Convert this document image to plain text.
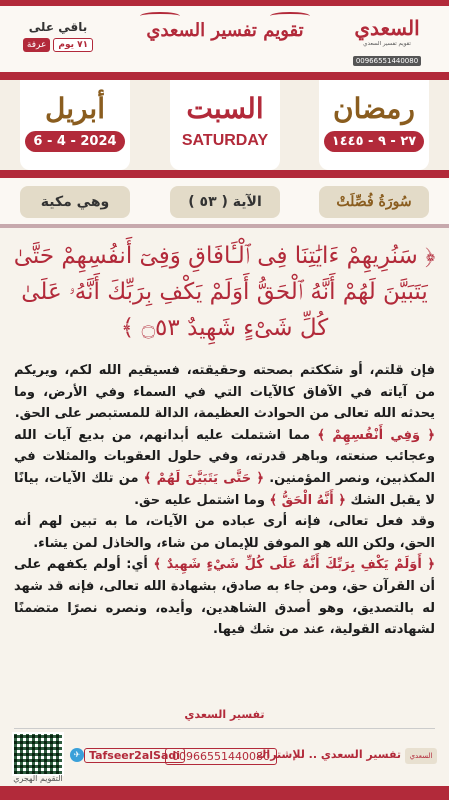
السعدي
تقويم تفسير السعدي
00966551440080
تقويم تفسير السعدي
باقي على
٧١ يوم
عرفة
رمضان
٢٧ - ٩ - ١٤٤٥
السبت
SATURDAY
أبريل
6 - 4 - 2024
سُورَةُ فُصِّلَتْ
الآية ( ٥٣ )
وهي مكية
﴿ سَنُرِيهِمْ ءَايَٰتِنَا فِى ٱلْـَٔافَاقِ وَفِىٓ أَنفُسِهِمْ حَتَّىٰ يَتَبَيَّنَ لَهُمْ أَنَّهُ ٱلْحَقُّ أَوَلَمْ يَكْفِ بِرَبِّكَ أَنَّهُۥ عَلَىٰ كُلِّ شَىْءٍ شَهِيدٌ ۝٥٣ ﴾

فإن قلتم، أو شككتم بصحته وحقيقته، فسيقيم الله لكم، ويريكم من آياته في الآفاق كالآيات التي في السماء وفي الأرض، وما يحدثه الله تعالى من الحوادث العظيمة، الدالة للمستبصر على الحق.

﴿ وَفِي أَنْفُسِهِمْ ﴾ مما اشتملت عليه أبدانهم، من بديع آيات الله وعجائب صنعته، وباهر قدرته، وفي حلول العقوبات والمثلات في المكذبين، ونصر المؤمنين. ﴿ حَتَّى يَتَبَيَّنَ لَهُمْ ﴾ من تلك الآيات، بيانًا لا يقبل الشك ﴿ أَنَّهُ الْحَقُّ ﴾ وما اشتمل عليه حق.

وقد فعل تعالى، فإنه أرى عباده من الآيات، ما به تبين لهم أنه الحق، ولكن الله هو الموفق للإيمان من شاء، والخاذل لمن يشاء.

﴿ أَوَلَمْ يَكْفِ بِرَبِّكَ أَنَّهُ عَلَى كُلِّ شَيْءٍ شَهِيدٌ ﴾ أي: أولم يكفهم على أن القرآن حق، ومن جاء به صادق، بشهادة الله تعالى، فإنه قد شهد له بالتصديق، وهو أصدق الشاهدين، وأيده، ونصره نصرًا متضمنًا لشهادته القولية، عند من شك فيها.

تفسير السعدي
السعدي
تفسير السعدي .. للإشتراك
00966551440080
✈ Tafseer2alSadi
التقويم الهجري
